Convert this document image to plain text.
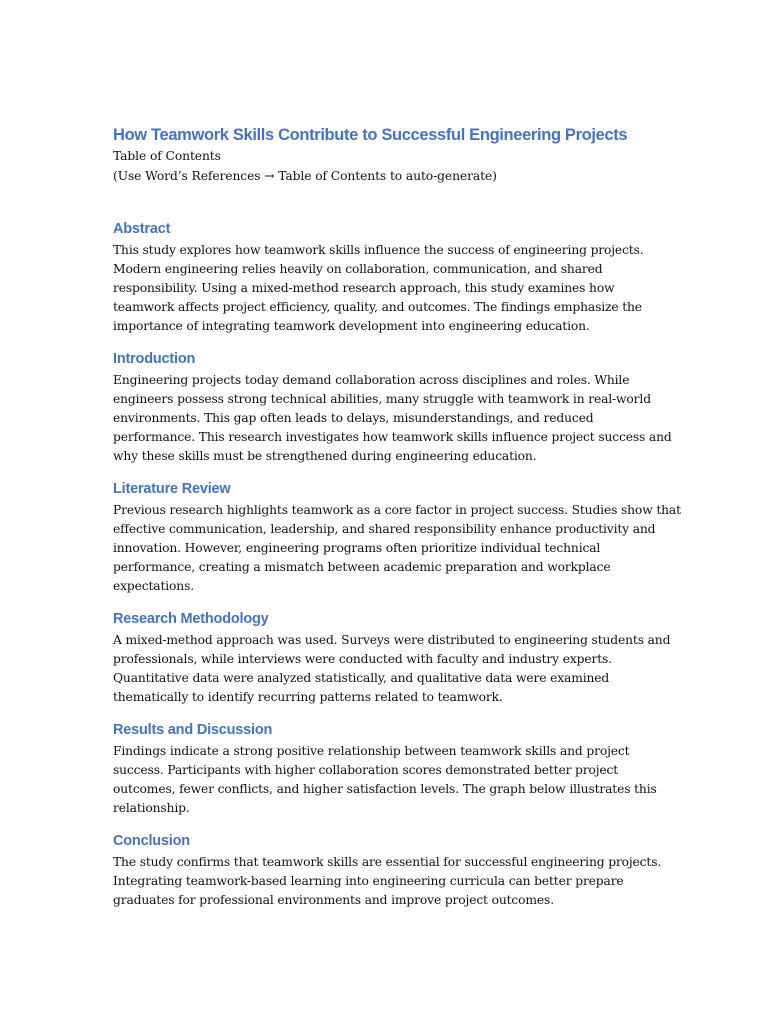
How Teamwork Skills Contribute to Successful Engineering Projects

Table of Contents

(Use Word’s References → Table of Contents to auto-generate)

Abstract

This study explores how teamwork skills influence the success of engineering projects.
Modern engineering relies heavily on collaboration, communication, and shared
responsibility. Using a mixed-method research approach, this study examines how
teamwork affects project efficiency, quality, and outcomes. The findings emphasize the
importance of integrating teamwork development into engineering education.

Introduction

Engineering projects today demand collaboration across disciplines and roles. While
engineers possess strong technical abilities, many struggle with teamwork in real-world
environments. This gap often leads to delays, misunderstandings, and reduced
performance. This research investigates how teamwork skills influence project success and
why these skills must be strengthened during engineering education.

Literature Review

Previous research highlights teamwork as a core factor in project success. Studies show that
effective communication, leadership, and shared responsibility enhance productivity and
innovation. However, engineering programs often prioritize individual technical
performance, creating a mismatch between academic preparation and workplace
expectations.

Research Methodology

A mixed-method approach was used. Surveys were distributed to engineering students and
professionals, while interviews were conducted with faculty and industry experts.
Quantitative data were analyzed statistically, and qualitative data were examined
thematically to identify recurring patterns related to teamwork.

Results and Discussion

Findings indicate a strong positive relationship between teamwork skills and project
success. Participants with higher collaboration scores demonstrated better project
outcomes, fewer conflicts, and higher satisfaction levels. The graph below illustrates this
relationship.

Conclusion

The study confirms that teamwork skills are essential for successful engineering projects.
Integrating teamwork-based learning into engineering curricula can better prepare
graduates for professional environments and improve project outcomes.
